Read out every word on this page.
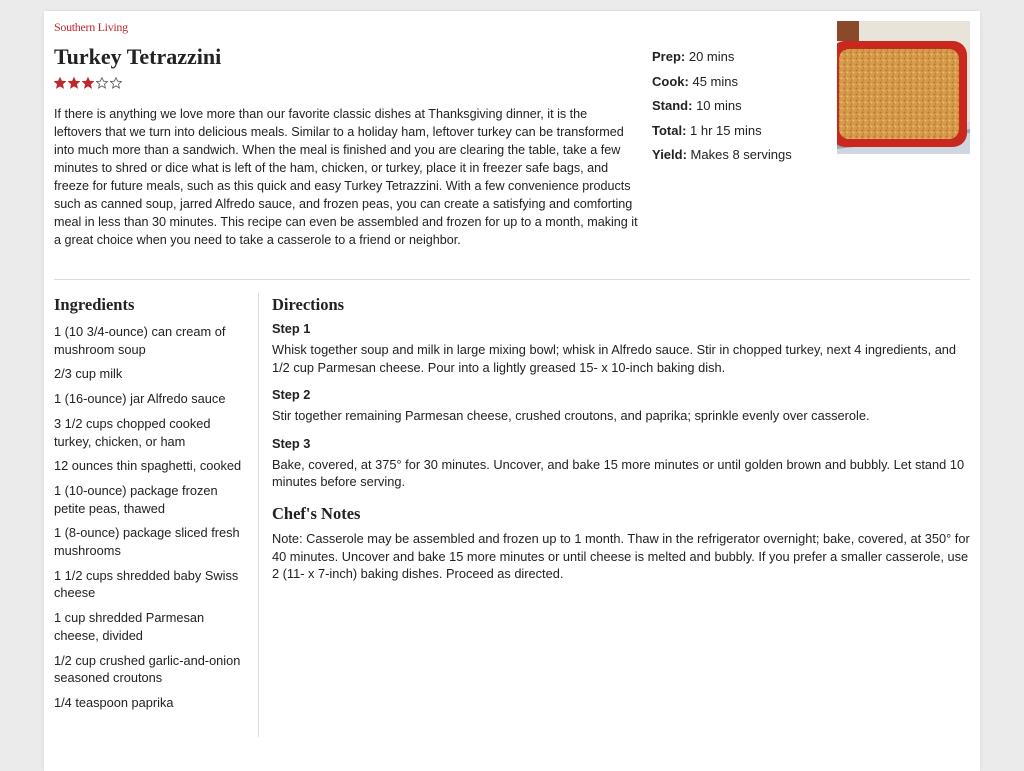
Southern Living
Turkey Tetrazzini

If there is anything we love more than our favorite classic dishes at Thanksgiving dinner, it is the leftovers that we turn into delicious meals. Similar to a holiday ham, leftover turkey can be transformed into much more than a sandwich. When the meal is finished and you are clearing the table, take a few minutes to shred or dice what is left of the ham, chicken, or turkey, place it in freezer safe bags, and freeze for future meals, such as this quick and easy Turkey Tetrazzini. With a few convenience products such as canned soup, jarred Alfredo sauce, and frozen peas, you can create a satisfying and comforting meal in less than 30 minutes. This recipe can even be assembled and frozen for up to a month, making it a great choice when you need to take a casserole to a friend or neighbor.

Prep: 20 mins
Cook: 45 mins
Stand: 10 mins
Total: 1 hr 15 mins
Yield: Makes 8 servings
Ingredients
1 (10 3/4-ounce) can cream of mushroom soup
2/3 cup milk
1 (16-ounce) jar Alfredo sauce
3 1/2 cups chopped cooked turkey, chicken, or ham
12 ounces thin spaghetti, cooked
1 (10-ounce) package frozen petite peas, thawed
1 (8-ounce) package sliced fresh mushrooms
1 1/2 cups shredded baby Swiss cheese
1 cup shredded Parmesan cheese, divided
1/2 cup crushed garlic-and-onion seasoned croutons
1/4 teaspoon paprika
Directions
Step 1

Whisk together soup and milk in large mixing bowl; whisk in Alfredo sauce. Stir in chopped turkey, next 4 ingredients, and 1/2 cup Parmesan cheese. Pour into a lightly greased 15- x 10-inch baking dish.

Step 2

Stir together remaining Parmesan cheese, crushed croutons, and paprika; sprinkle evenly over casserole.

Step 3

Bake, covered, at 375° for 30 minutes. Uncover, and bake 15 more minutes or until golden brown and bubbly. Let stand 10 minutes before serving.

Chef's Notes

Note: Casserole may be assembled and frozen up to 1 month. Thaw in the refrigerator overnight; bake, covered, at 350° for 40 minutes. Uncover and bake 15 more minutes or until cheese is melted and bubbly. If you prefer a smaller casserole, use 2 (11- x 7-inch) baking dishes. Proceed as directed.
